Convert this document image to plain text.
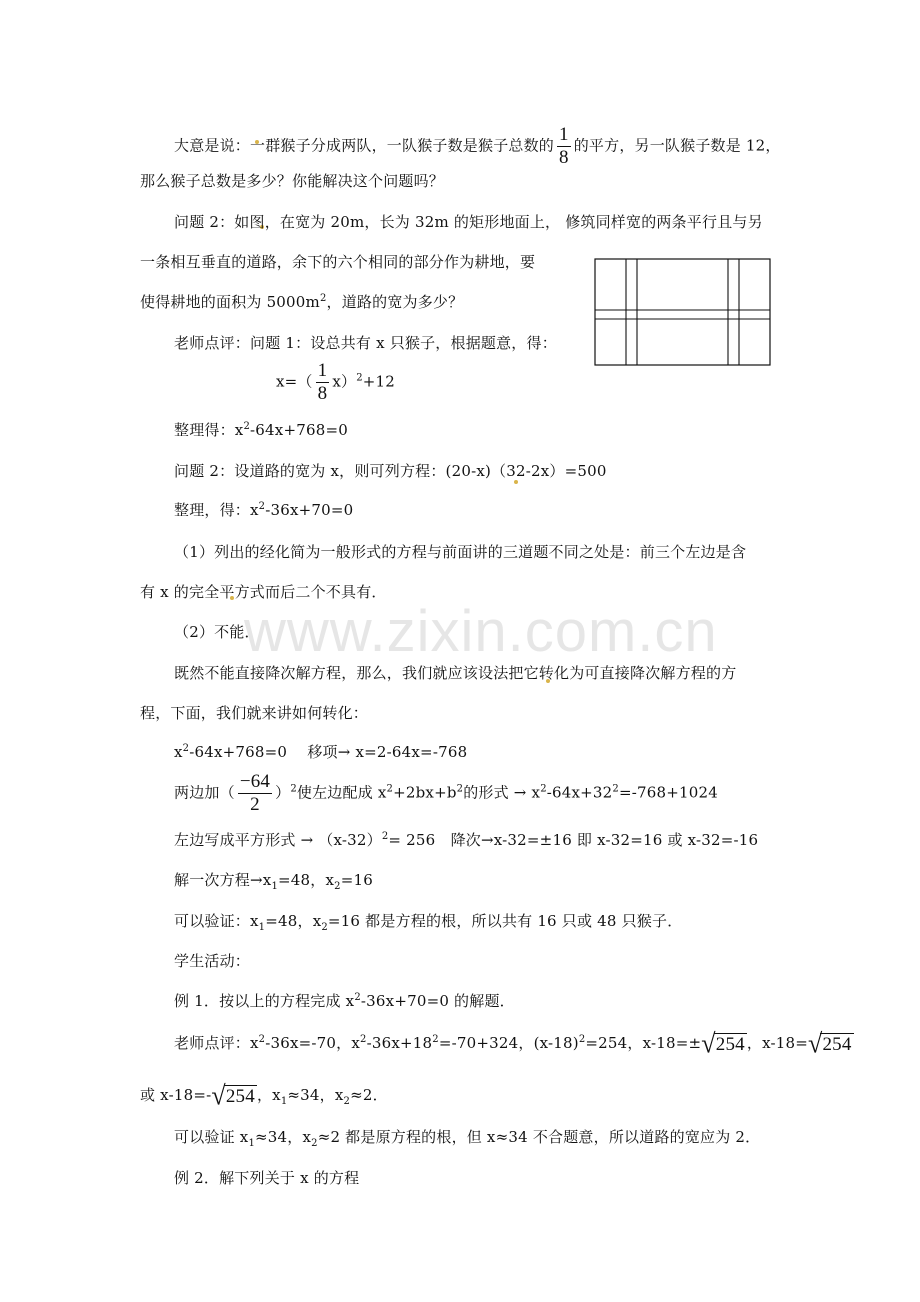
www.zixin.com.cn
大意是说：一群猴子分成两队，一队猴子数是猴子总数的 $\frac{1}{8}$ 的平方，另一队猴子数是 12，
那么猴子总数是多少？你能解决这个问题吗？
问题 2：如图，在宽为 20m，长为 32m 的矩形地面上， 修筑同样宽的两条平行且与另
一条相互垂直的道路，余下的六个相同的部分作为耕地，要
使得耕地的面积为 $5000m^2$，道路的宽为多少？
老师点评：问题 1：设总共有 x 只猴子，根据题意，得：
$x=( \frac{1}{8} x)^2+12$
整理得：$x^2-64x+768=0$
问题 2：设道路的宽为 x，则可列方程：(20-x)（32-2x）=500
整理，得：$x^2-36x+70=0$
（1）列出的经化简为一般形式的方程与前面讲的三道题不同之处是：前三个左边是含
有 x 的完全平方式而后二个不具有．
（2）不能．
既然不能直接降次解方程，那么，我们就应该设法把它转化为可直接降次解方程的方
程，下面，我们就来讲如何转化：
$x^2-64x+768=0$　 移项→ x=2-64x=-768
两边加（ $\frac{-64}{2} )^2$使左边配成 $x^2+2bx+b^2$的形式 → $x^2-64x+32^2=-768+1024$
左边写成平方形式 → $(x-32)^2= 256$　降次→x-32=±16 即 x-32=16 或 x-32=-16
解一次方程$\to x_1=48$，$x_2=16$
可以验证：$x_1=48$，$x_2=16$ 都是方程的根，所以共有 16 只或 48 只猴子．
学生活动：
例 1．按以上的方程完成 $x^2-36x+70=0$ 的解题．
老师点评：$x^2-36x=-70$，$x^2-36x+18^2=-70+324$，$(x-18)^2=254$，x-18=±√254 ，x-18=√254
或 x-18=-√254 ，$x_1\approx 34$，$x_2\approx 2$．
可以验证 $x_1\approx 34$，$x_2\approx 2$ 都是原方程的根，但 x≈34 不合题意，所以道路的宽应为 2．
例 2．解下列关于 x 的方程
